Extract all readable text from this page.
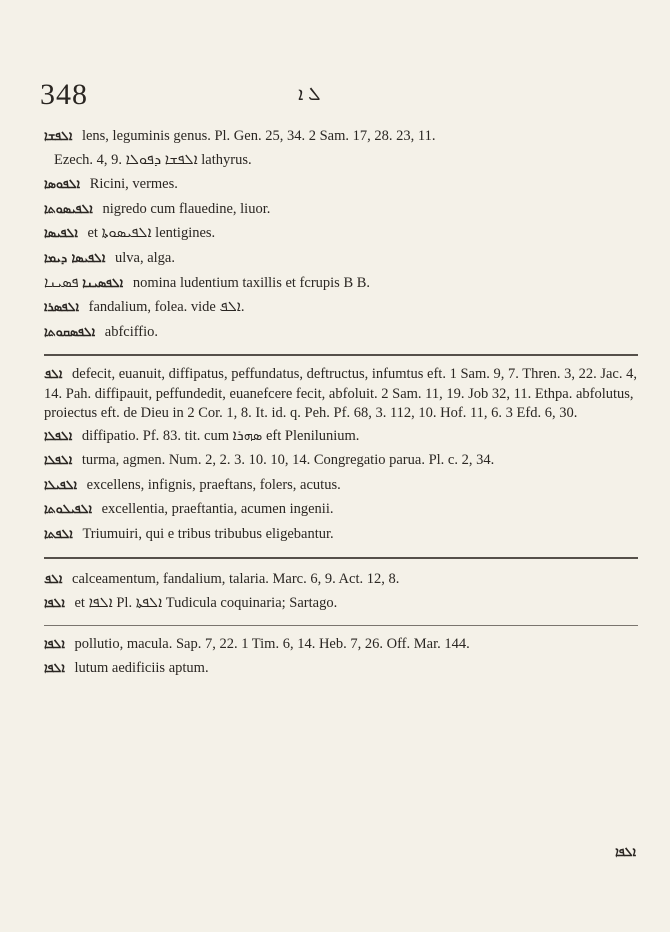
348	ܠ ܐ

ܐܠܦܫܐ lens, leguminis genus. Pl. Gen. 25, 34. 2 Sam. 17, 28. 23, 11.
Ezech. 4, 9. ܐܠܦܫܐ ܕܦܘܠܐ lathyrus.

ܐܠܦܘܣܐ Ricini, vermes.

ܐܠܦܝܣܘܬܐ nigredo cum flauedine, liuor.

ܐܠܦܝܣܐ et ܐܠܦܝܣܘܬܐ lentigines.

ܐܠܦܝܣܐ ܕܝܡܐ ulva, alga.

ܐܠܦܣܝܢܐ ܦܣܝܢܐ nomina ludentium taxillis et fcrupis B B.

ܐܠܦܣܪܐ fandalium, folea. vide ܐܠܦ.

ܐܠܦܣܩܘܬܐ abfciffio.

ܐܠܦ defecit, euanuit, diffipatus, peffundatus, deftructus, infumtus eft. 1 Sam. 9, 7. Thren. 3, 22. Jac. 4, 14. Pah. diffipauit, peffundedit, euanefcere fecit, abfoluit. 2 Sam. 11, 19. Job 32, 11. Ethpa. abfolutus, proiectus eft. de Dieu in 2 Cor. 1, 8. It. id. q. Peh. Pf. 68, 3. 112, 10. Hof. 11, 6. 3 Efd. 6, 30.

ܐܠܦܠܐ diffipatio. Pf. 83. tit. cum ܣܗܪܐ eft Plenilunium.

ܐܠܦܠܐ turma, agmen. Num. 2, 2. 3. 10. 10, 14. Congregatio parua. Pl. c. 2, 34.

ܐܠܦܝܠܐ excellens, infignis, praeftans, folers, acutus.

ܐܠܦܝܠܘܬܐ excellentia, praeftantia, acumen ingenii.

ܐܠܦܬܐ Triumuiri, qui e tribus tribubus eligebantur.

ܐܠܦ calceamentum, fandalium, talaria. Marc. 6, 9. Act. 12, 8.

ܐܠܦܐ et ܐܠܦܐ Pl. ܐܠܦܬܐ Tudicula coquinaria; Sartago.

ܐܠܦܐ pollutio, macula. Sap. 7, 22. 1 Tim. 6, 14. Heb. 7, 26. Off. Mar. 144.

ܐܠܦܐ lutum aedificiis aptum.

ܐܠܦܐ
